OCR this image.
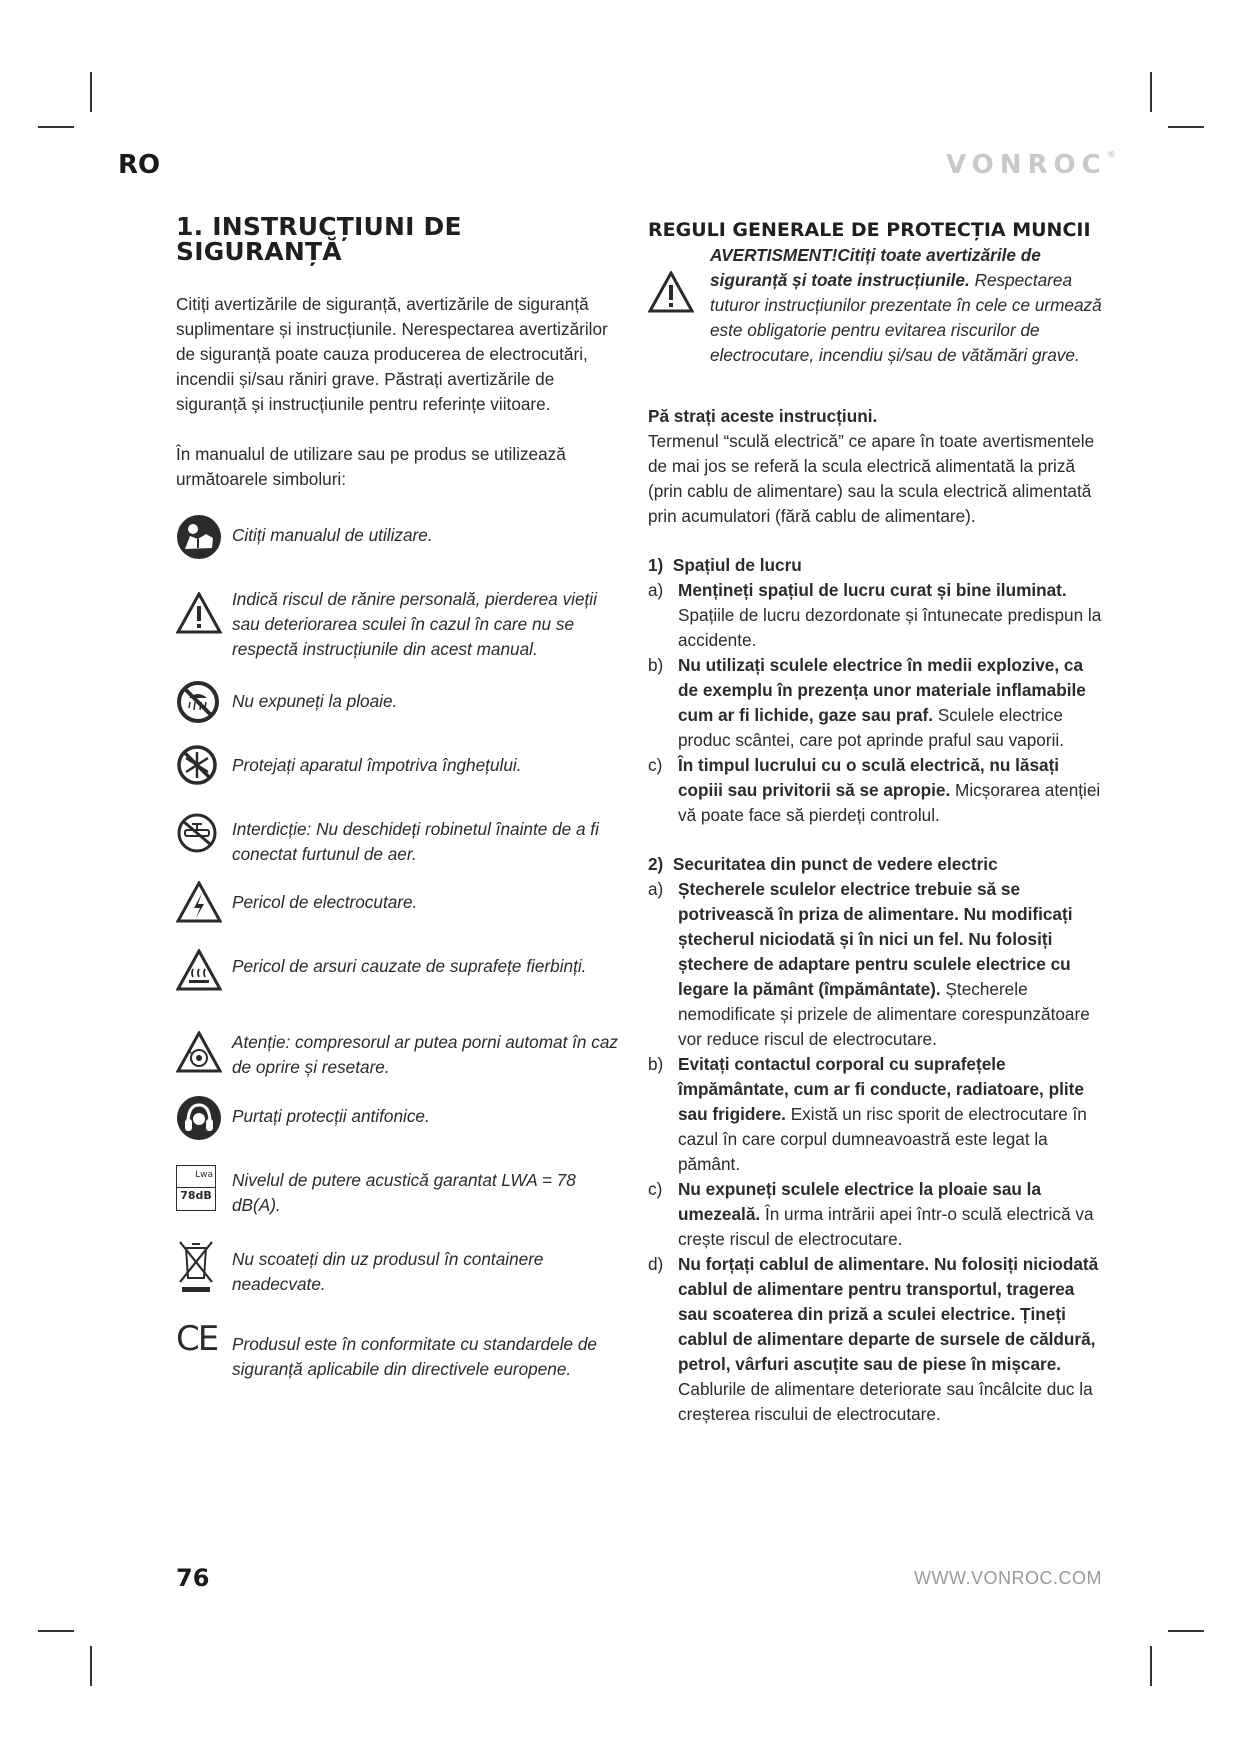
RO	VONROC®
1. INSTRUCȚIUNI DE SIGURANȚĂ

Citiți avertizările de siguranță, avertizările de siguranță suplimentare și instrucțiunile. Nerespectarea avertizărilor de siguranță poate cauza producerea de electrocutări, incendii și/sau răniri grave. Păstrați avertizările de siguranță și instrucțiunile pentru referințe viitoare.

În manualul de utilizare sau pe produs se utilizează următoarele simboluri:

Citiți manualul de utilizare.
Indică riscul de rănire personală, pierderea vieții sau deteriorarea sculei în cazul în care nu se respectă instrucțiunile din acest manual.
Nu expuneți la ploaie.
Protejați aparatul împotriva înghețului.
Interdicție: Nu deschideți robinetul înainte de a fi conectat furtunul de aer.
Pericol de electrocutare.
Pericol de arsuri cauzate de suprafețe fierbinți.
Atenție: compresorul ar putea porni automat în caz de oprire și resetare.
Purtați protecții antifonice.
Lwa
78dB
Nivelul de putere acustică garantat LWA = 78 dB(A).
Nu scoateți din uz produsul în containere neadecvate.
CE Produsul este în conformitate cu standardele de siguranță aplicabile din directivele europene.
REGULI GENERALE DE PROTECȚIA MUNCII
AVERTISMENT!Citiți toate avertizările de siguranță și toate instrucțiunile. Respectarea tuturor instrucțiunilor prezentate în cele ce urmează este obligatorie pentru evitarea riscurilor de electrocutare, incendiu și/sau de vătămări grave.

Pă strați aceste instrucțiuni.

Termenul “sculă electrică” ce apare în toate avertismentele de mai jos se referă la scula electrică alimentată la priză (prin cablu de alimentare) sau la scula electrică alimentată prin acumulatori (fără cablu de alimentare).

1) Spațiul de lucru

a) Mențineți spațiul de lucru curat și bine iluminat. Spațiile de lucru dezordonate și întunecate predispun la accidente.
b) Nu utilizați sculele electrice în medii explozive, ca de exemplu în prezența unor materiale inflamabile cum ar fi lichide, gaze sau praf. Sculele electrice produc scântei, care pot aprinde praful sau vaporii.
c) În timpul lucrului cu o sculă electrică, nu lăsați copiii sau privitorii să se apropie. Micșorarea atenției vă poate face să pierdeți controlul.

2) Securitatea din punct de vedere electric

a) Ștecherele sculelor electrice trebuie să se potrivească în priza de alimentare. Nu modificați ștecherul niciodată și în nici un fel. Nu folosiți ștechere de adaptare pentru sculele electrice cu legare la pământ (împământate). Ștecherele nemodificate și prizele de alimentare corespunzătoare vor reduce riscul de electrocutare.
b) Evitați contactul corporal cu suprafețele împământate, cum ar fi conducte, radiatoare, plite sau frigidere. Există un risc sporit de electrocutare în cazul în care corpul dumneavoastră este legat la pământ.
c) Nu expuneți sculele electrice la ploaie sau la umezeală. În urma intrării apei într-o sculă electrică va crește riscul de electrocutare.
d) Nu forțați cablul de alimentare. Nu folosiți niciodată cablul de alimentare pentru transportul, tragerea sau scoaterea din priză a sculei electrice. Țineți cablul de alimentare departe de sursele de căldură, petrol, vârfuri ascuțite sau de piese în mișcare. Cablurile de alimentare deteriorate sau încâlcite duc la creșterea riscului de electrocutare.
76	WWW.VONROC.COM
